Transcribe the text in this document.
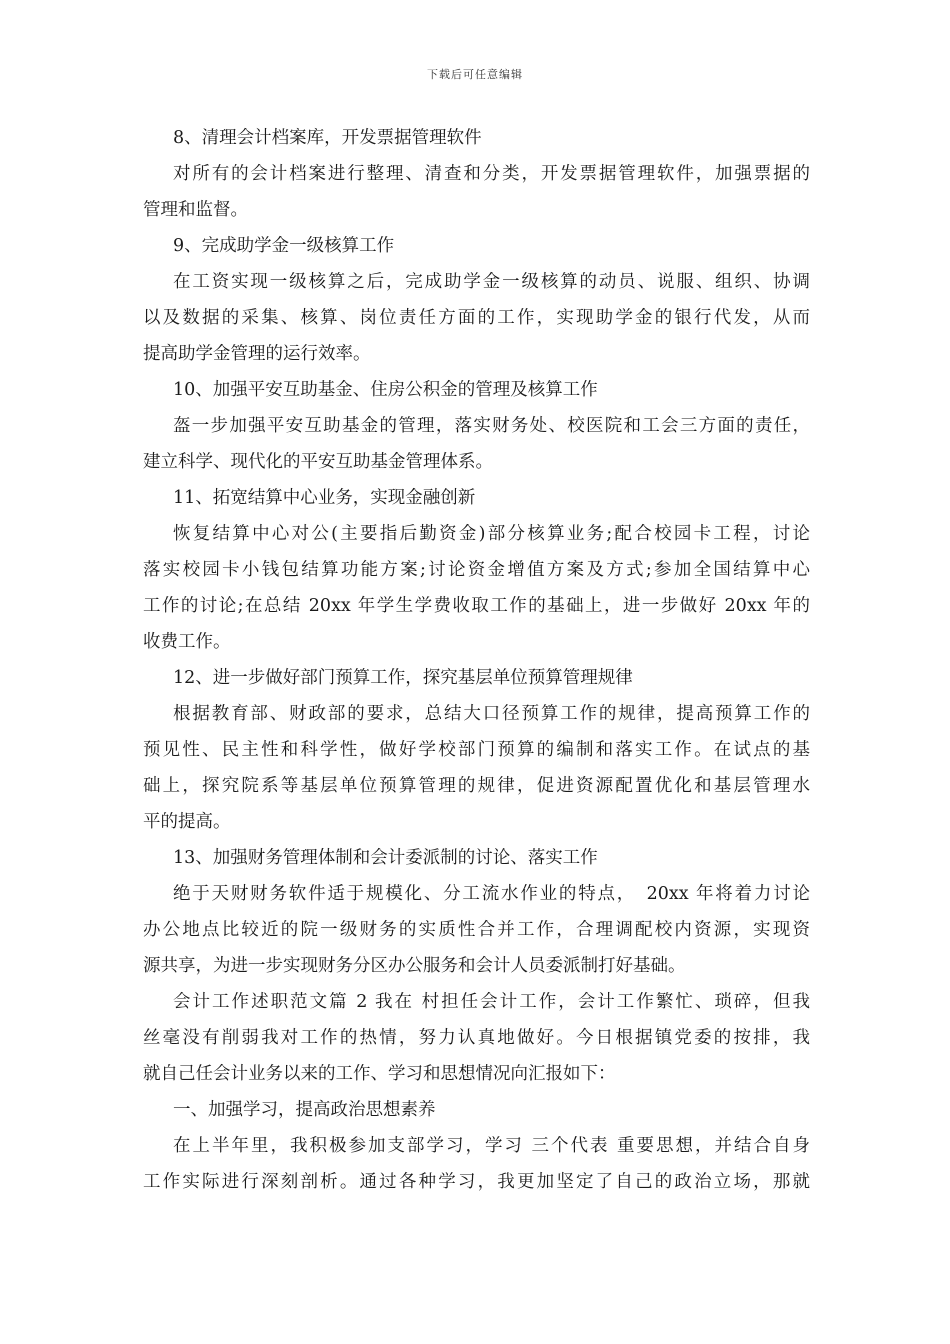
下载后可任意编辑
8、清理会计档案库，开发票据管理软件
对所有的会计档案进行整理、清查和分类，开发票据管理软件，加强票据的
管理和监督。
9、完成助学金一级核算工作
在工资实现一级核算之后，完成助学金一级核算的动员、说服、组织、协调
以及数据的采集、核算、岗位责任方面的工作，实现助学金的银行代发，从而
提高助学金管理的运行效率。
10、加强平安互助基金、住房公积金的管理及核算工作
盔一步加强平安互助基金的管理，落实财务处、校医院和工会三方面的责任，
建立科学、现代化的平安互助基金管理体系。
11、拓宽结算中心业务，实现金融创新
恢复结算中心对公(主要指后勤资金)部分核算业务;配合校园卡工程，讨论
落实校园卡小钱包结算功能方案;讨论资金增值方案及方式;参加全国结算中心
工作的讨论;在总结 20xx 年学生学费收取工作的基础上，进一步做好 20xx 年的
收费工作。
12、进一步做好部门预算工作，探究基层单位预算管理规律
根据教育部、财政部的要求，总结大口径预算工作的规律，提高预算工作的
预见性、民主性和科学性，做好学校部门预算的编制和落实工作。在试点的基
础上，探究院系等基层单位预算管理的规律，促进资源配置优化和基层管理水
平的提高。
13、加强财务管理体制和会计委派制的讨论、落实工作
绝于天财财务软件适于规模化、分工流水作业的特点，　20xx 年将着力讨论
办公地点比较近的院一级财务的实质性合并工作，合理调配校内资源，实现资
源共享，为进一步实现财务分区办公服务和会计人员委派制打好基础。
会计工作述职范文篇 2 我在 村担任会计工作，会计工作繁忙、琐碎，但我
丝毫没有削弱我对工作的热情，努力认真地做好。今日根据镇党委的按排，我
就自己任会计业务以来的工作、学习和思想情况向汇报如下：
一、加强学习，提高政治思想素养
在上半年里，我积极参加支部学习，学习 三个代表 重要思想，并结合自身
工作实际进行深刻剖析。通过各种学习，我更加坚定了自己的政治立场，那就
